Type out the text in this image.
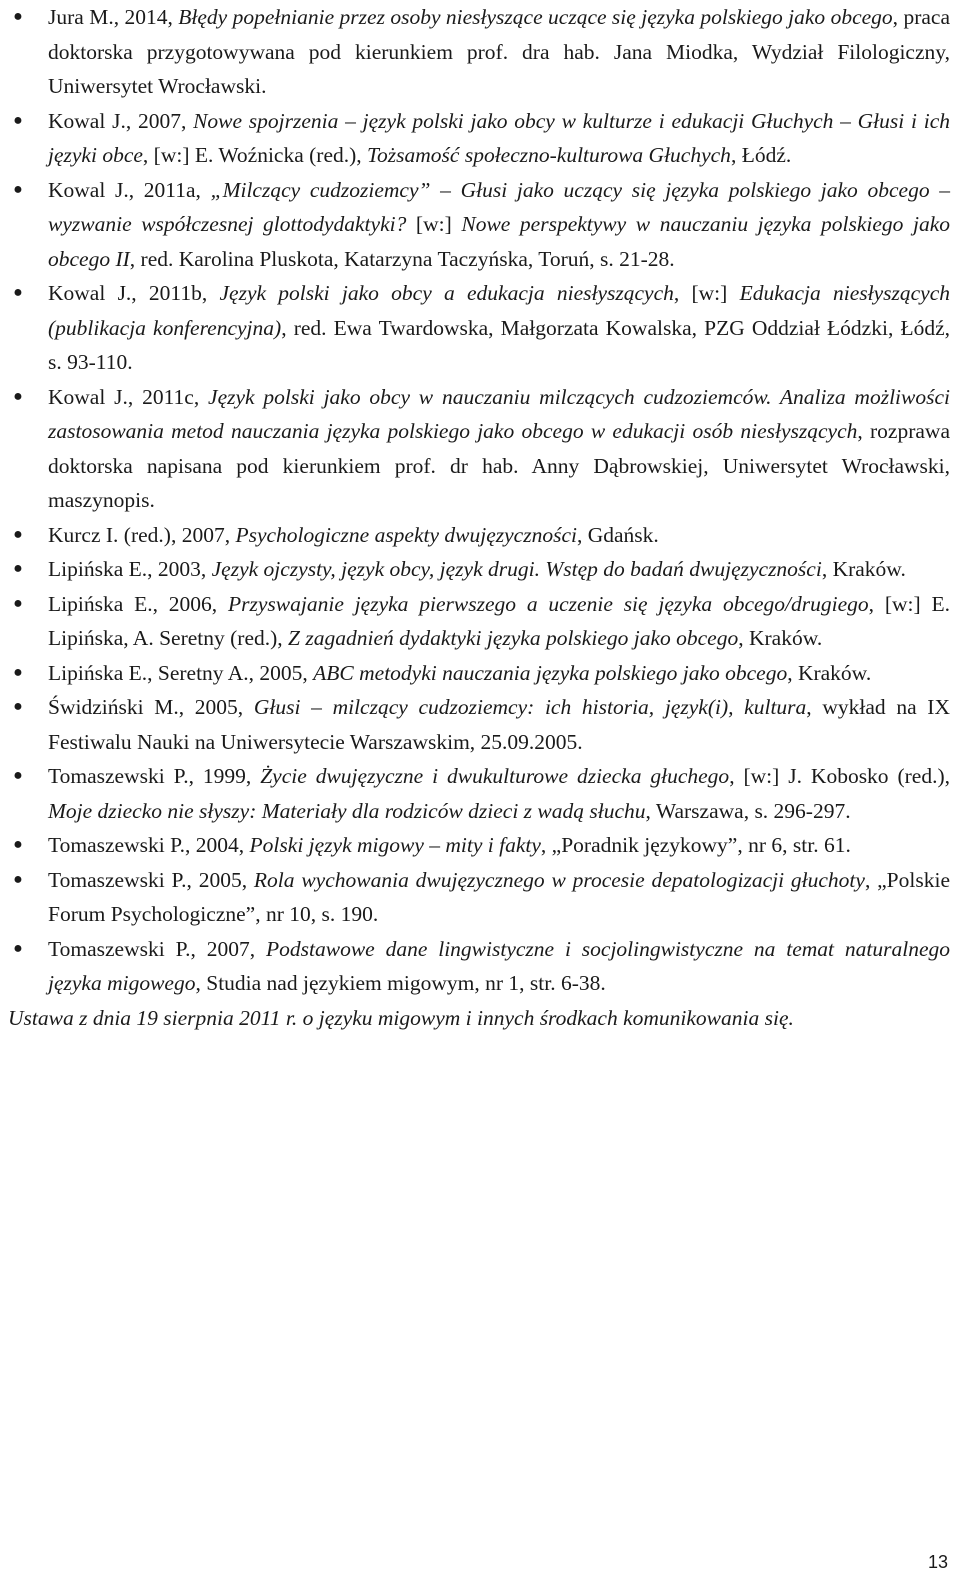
● Jura M., 2014, Błędy popełnianie przez osoby niesłyszące uczące się języka polskiego jako obcego, praca doktorska przygotowywana pod kierunkiem prof. dra hab. Jana Miodka, Wydział Filologiczny, Uniwersytet Wrocławski.
● Kowal J., 2007, Nowe spojrzenia – język polski jako obcy w kulturze i edukacji Głuchych – Głusi i ich języki obce, [w:] E. Woźnicka (red.), Tożsamość społeczno-kulturowa Głuchych, Łódź.
● Kowal J., 2011a, „Milczący cudzoziemcy” – Głusi jako uczący się języka polskiego jako obcego – wyzwanie współczesnej glottodydaktyki? [w:] Nowe perspektywy w nauczaniu języka polskiego jako obcego II, red. Karolina Pluskota, Katarzyna Taczyńska, Toruń, s. 21-28.
● Kowal J., 2011b, Język polski jako obcy a edukacja niesłyszących, [w:] Edukacja niesłyszących (publikacja konferencyjna), red. Ewa Twardowska, Małgorzata Kowalska, PZG Oddział Łódzki, Łódź, s. 93-110.
● Kowal J., 2011c, Język polski jako obcy w nauczaniu milczących cudzoziemców. Analiza możliwości zastosowania metod nauczania języka polskiego jako obcego w edukacji osób niesłyszących, rozprawa doktorska napisana pod kierunkiem prof. dr hab. Anny Dąbrowskiej, Uniwersytet Wrocławski, maszynopis.
● Kurcz I. (red.), 2007, Psychologiczne aspekty dwujęzyczności, Gdańsk.
● Lipińska E., 2003, Język ojczysty, język obcy, język drugi. Wstęp do badań dwujęzyczności, Kraków.
● Lipińska E., 2006, Przyswajanie języka pierwszego a uczenie się języka obcego/drugiego, [w:] E. Lipińska, A. Seretny (red.), Z zagadnień dydaktyki języka polskiego jako obcego, Kraków.
● Lipińska E., Seretny A., 2005, ABC metodyki nauczania języka polskiego jako obcego, Kraków.
● Świdziński M., 2005, Głusi – milczący cudzoziemcy: ich historia, język(i), kultura, wykład na IX Festiwalu Nauki na Uniwersytecie Warszawskim, 25.09.2005.
● Tomaszewski P., 1999, Życie dwujęzyczne i dwukulturowe dziecka głuchego, [w:] J. Kobosko (red.), Moje dziecko nie słyszy: Materiały dla rodziców dzieci z wadą słuchu, Warszawa, s. 296-297.
● Tomaszewski P., 2004, Polski język migowy – mity i fakty, „Poradnik językowy”, nr 6, str. 61.
● Tomaszewski P., 2005, Rola wychowania dwujęzycznego w procesie depatologizacji głuchoty, „Polskie Forum Psychologiczne”, nr 10, s. 190.
● Tomaszewski P., 2007, Podstawowe dane lingwistyczne i socjolingwistyczne na temat naturalnego języka migowego, Studia nad językiem migowym, nr 1, str. 6-38.
Ustawa z dnia 19 sierpnia 2011 r. o języku migowym i innych środkach komunikowania się.
13
